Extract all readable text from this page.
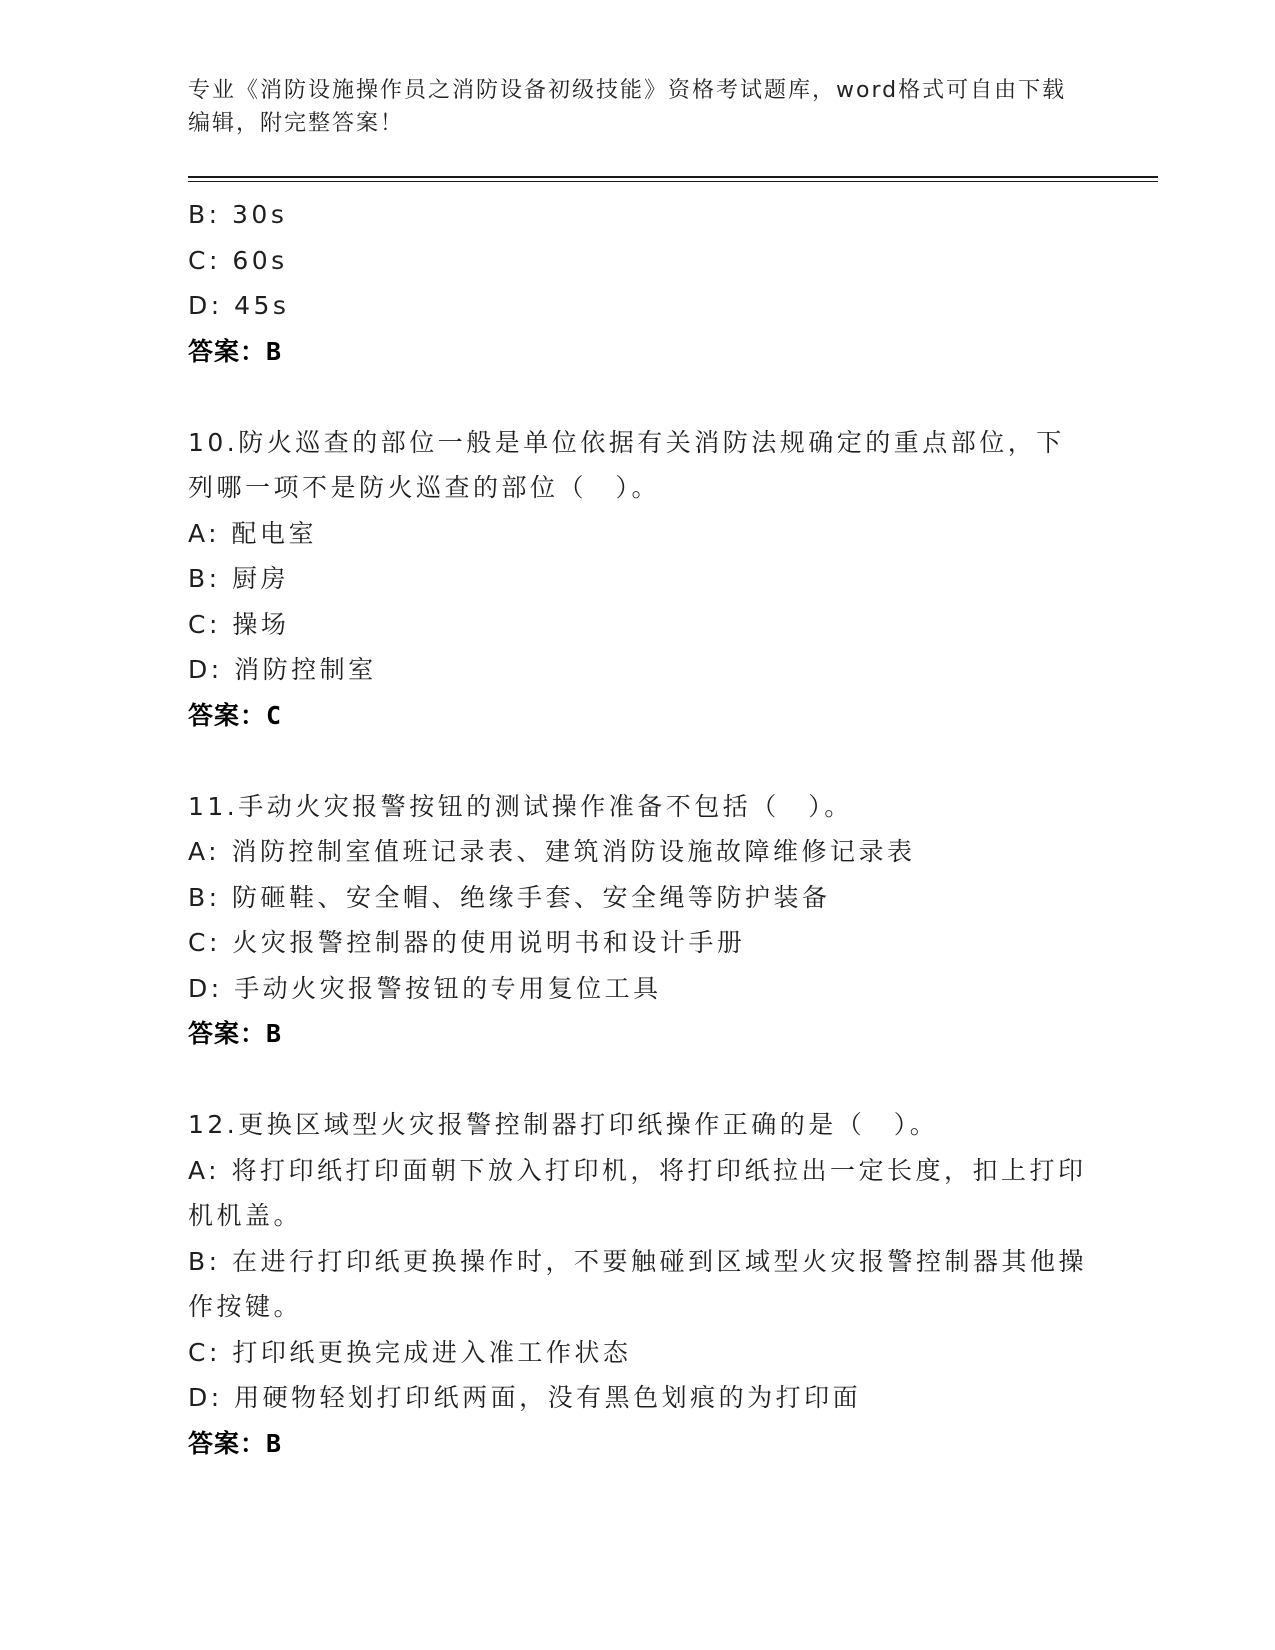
专业《消防设施操作员之消防设备初级技能》资格考试题库，word格式可自由下载编辑，附完整答案！
B: 30s
C: 60s
D: 45s
答案：B
10.防火巡查的部位一般是单位依据有关消防法规确定的重点部位，下列哪一项不是防火巡查的部位（　）。
A: 配电室
B: 厨房
C: 操场
D: 消防控制室
答案：C
11.手动火灾报警按钮的测试操作准备不包括（　）。
A: 消防控制室值班记录表、建筑消防设施故障维修记录表
B: 防砸鞋、安全帽、绝缘手套、安全绳等防护装备
C: 火灾报警控制器的使用说明书和设计手册
D: 手动火灾报警按钮的专用复位工具
答案：B
12.更换区域型火灾报警控制器打印纸操作正确的是（　）。
A: 将打印纸打印面朝下放入打印机，将打印纸拉出一定长度，扣上打印机机盖。
B: 在进行打印纸更换操作时，不要触碰到区域型火灾报警控制器其他操作按键。
C: 打印纸更换完成进入准工作状态
D: 用硬物轻划打印纸两面，没有黑色划痕的为打印面
答案：B
